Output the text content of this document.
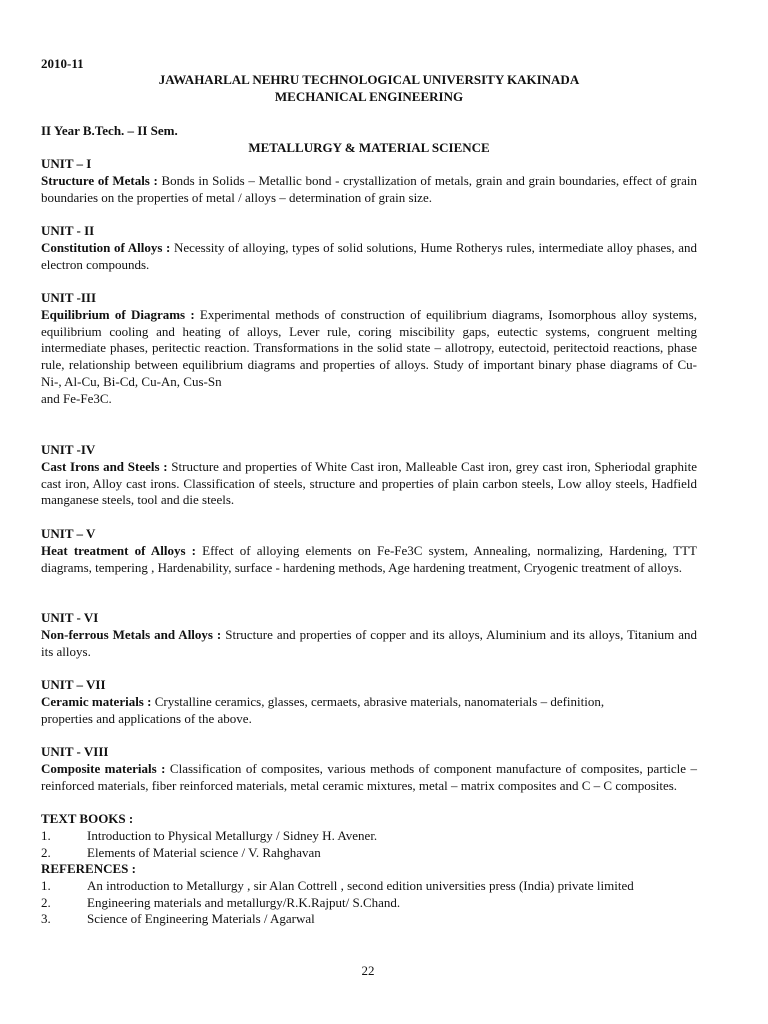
2010-11
JAWAHARLAL NEHRU TECHNOLOGICAL UNIVERSITY KAKINADA
MECHANICAL ENGINEERING
II Year B.Tech. – II Sem.
METALLURGY & MATERIAL SCIENCE
UNIT – I
Structure of Metals : Bonds in Solids – Metallic bond - crystallization of metals, grain and grain boundaries, effect of grain boundaries on the properties of metal / alloys – determination of grain size.
UNIT - II
Constitution of Alloys : Necessity of alloying, types of solid solutions, Hume Rotherys rules, intermediate alloy phases, and electron compounds.
UNIT -III
Equilibrium of Diagrams : Experimental methods of construction of equilibrium diagrams, Isomorphous alloy systems, equilibrium cooling and heating of alloys, Lever rule, coring miscibility gaps, eutectic systems, congruent melting intermediate phases, peritectic reaction. Transformations in the solid state – allotropy, eutectoid, peritectoid reactions, phase rule, relationship between equilibrium diagrams and properties of alloys. Study of important binary phase diagrams of Cu-Ni-, Al-Cu, Bi-Cd, Cu-An, Cus-Sn
and Fe-Fe3C.
UNIT -IV
Cast Irons and Steels : Structure and properties of White Cast iron, Malleable Cast iron, grey cast iron, Spheriodal graphite cast iron, Alloy cast irons. Classification of steels, structure and properties of plain carbon steels, Low alloy steels, Hadfield manganese steels, tool and die steels.
UNIT – V
Heat treatment of Alloys : Effect of alloying elements on Fe-Fe3C system, Annealing, normalizing, Hardening, TTT diagrams, tempering , Hardenability, surface - hardening methods, Age hardening treatment, Cryogenic treatment of alloys.
UNIT - VI
Non-ferrous Metals and Alloys : Structure and properties of copper and its alloys, Aluminium and its alloys, Titanium and its alloys.
UNIT – VII
Ceramic materials : Crystalline ceramics, glasses, cermaets, abrasive materials, nanomaterials – definition, properties and applications of the above.
UNIT - VIII
Composite materials : Classification of composites, various methods of component manufacture of composites, particle – reinforced materials, fiber reinforced materials, metal ceramic mixtures, metal – matrix composites and C – C composites.
TEXT BOOKS :
1.	Introduction to Physical Metallurgy / Sidney H. Avener.
2.	Elements of Material science / V. Rahghavan
REFERENCES :
1.	An introduction to Metallurgy , sir Alan Cottrell , second edition universities press (India) private limited
2.	Engineering materials and metallurgy/R.K.Rajput/ S.Chand.
3.	Science of Engineering Materials / Agarwal
22
